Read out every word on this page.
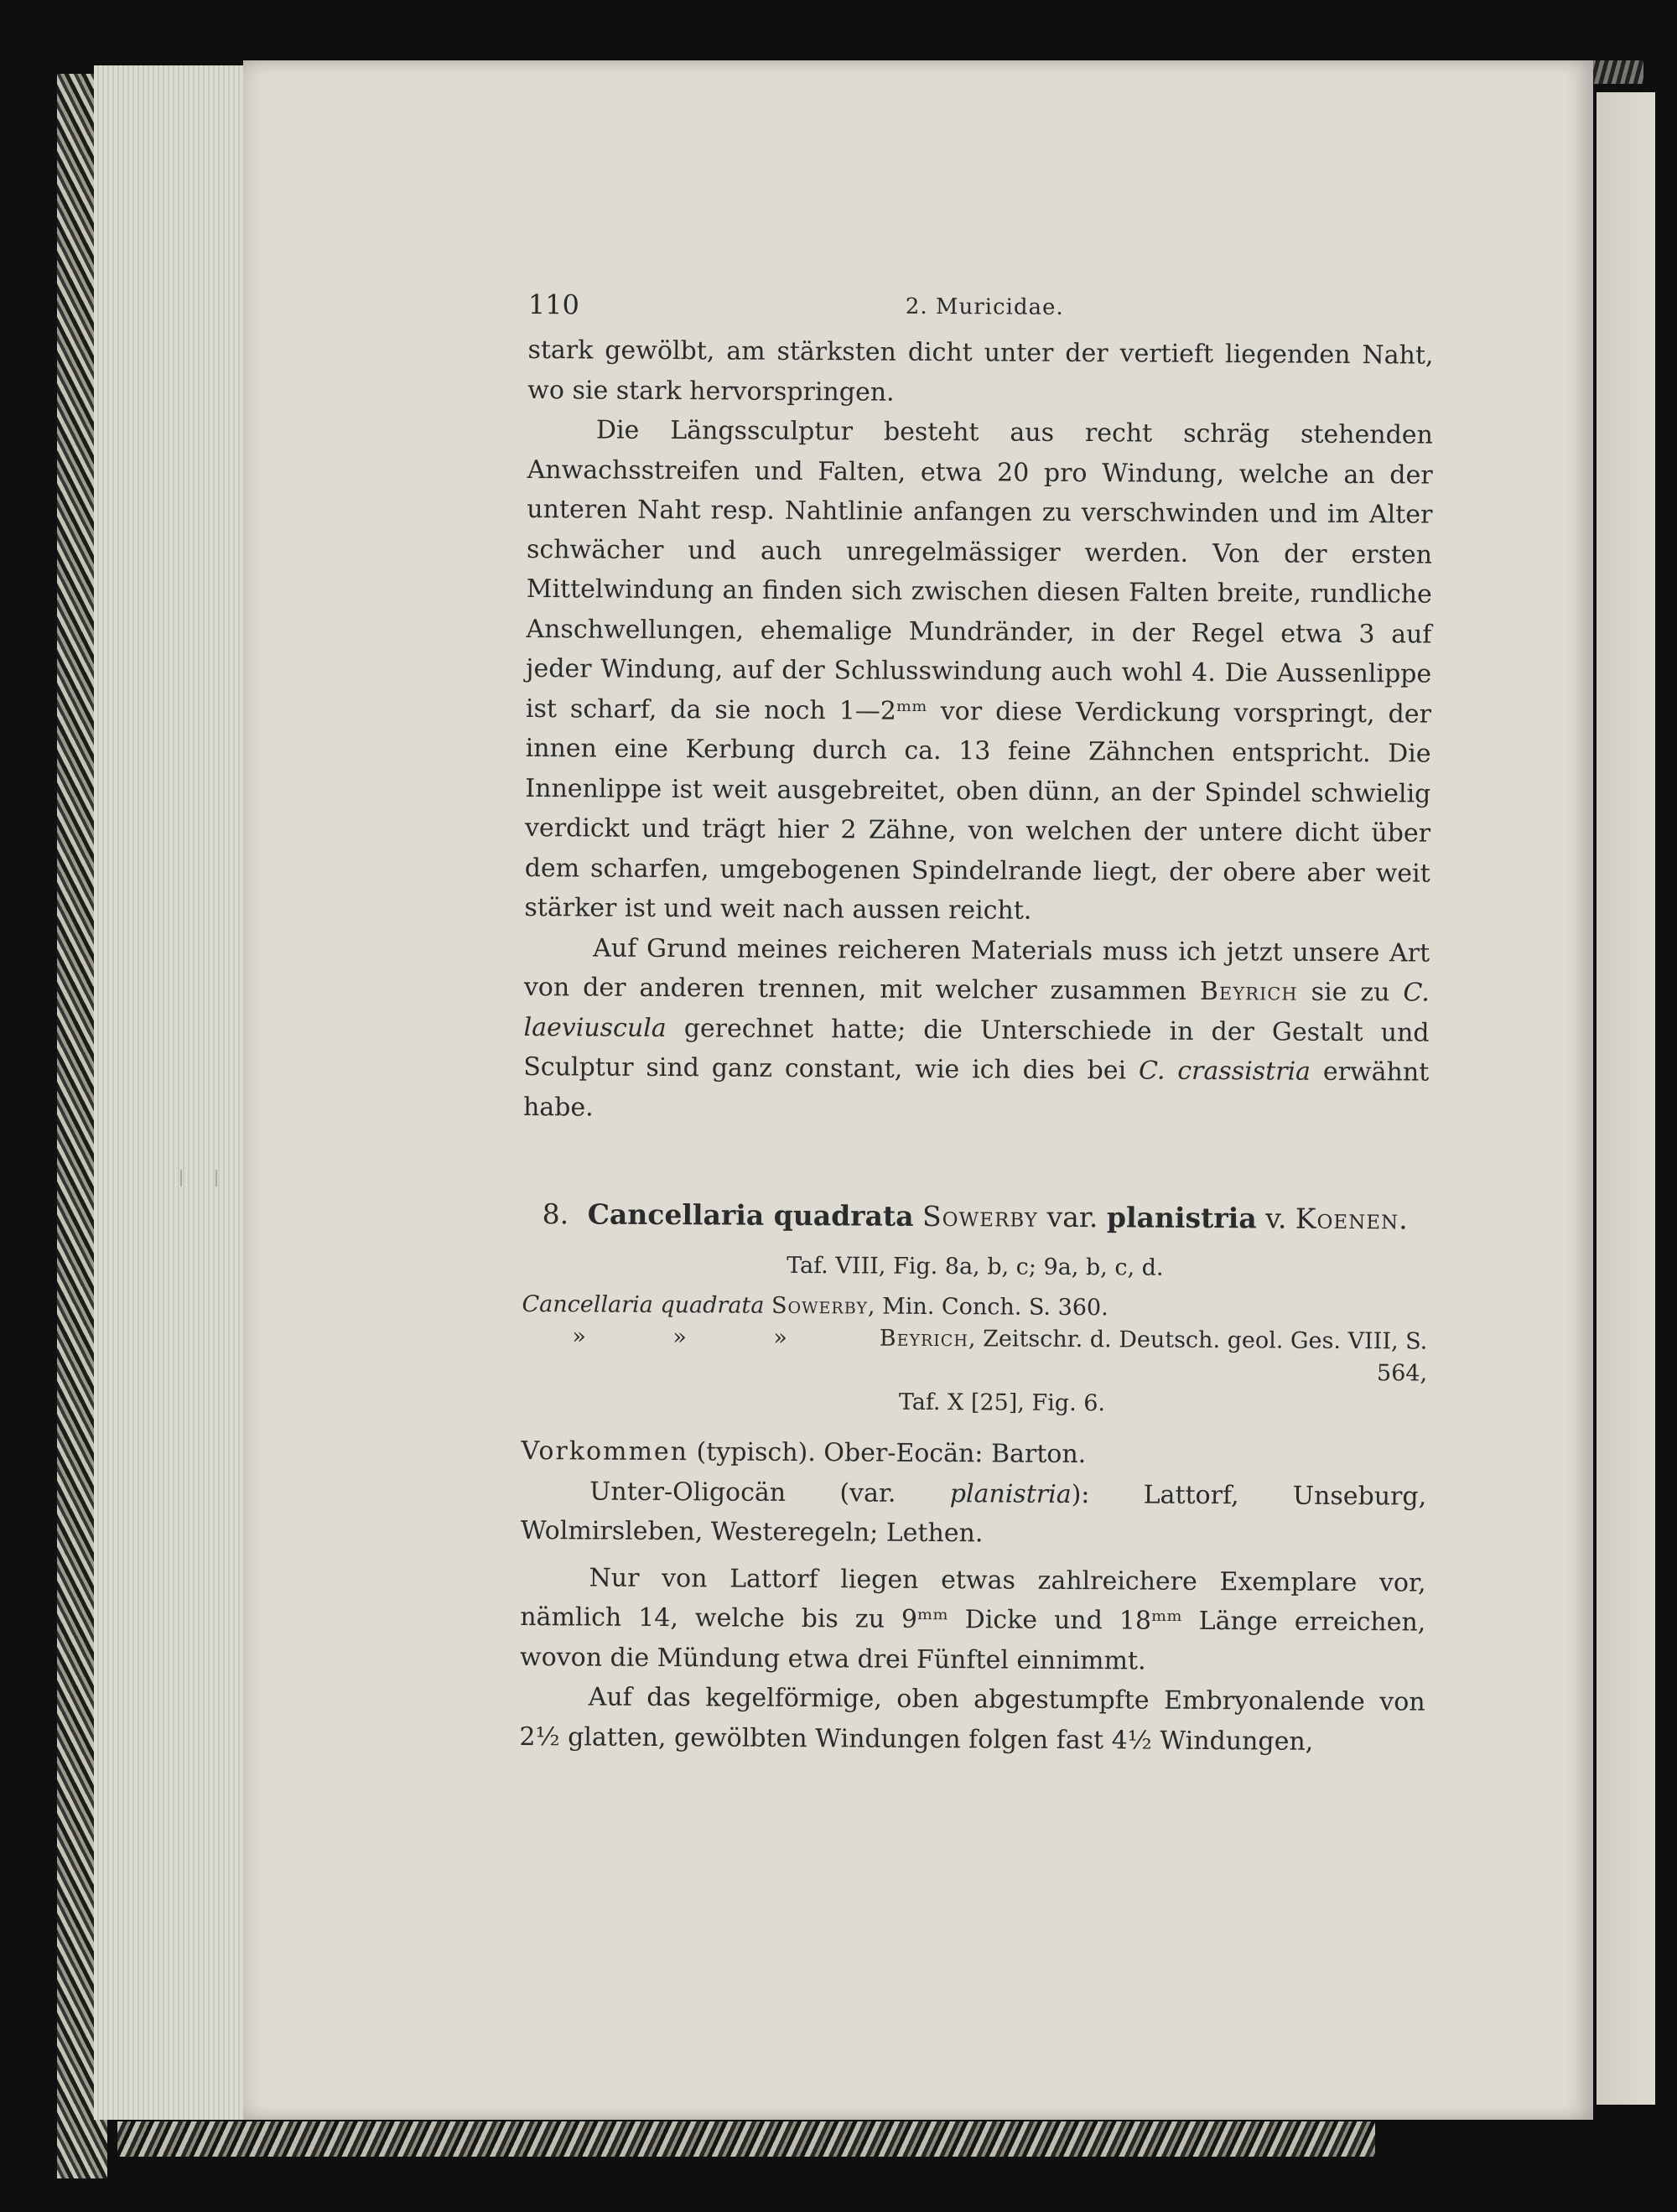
110	2. Muricidae.

stark gewölbt, am stärksten dicht unter der vertieft liegenden Naht, wo sie stark hervorspringen.

Die Längssculptur besteht aus recht schräg stehenden Anwachsstreifen und Falten, etwa 20 pro Windung, welche an der unteren Naht resp. Nahtlinie anfangen zu verschwinden und im Alter schwächer und auch unregelmässiger werden. Von der ersten Mittelwindung an finden sich zwischen diesen Falten breite, rundliche Anschwellungen, ehemalige Mundränder, in der Regel etwa 3 auf jeder Windung, auf der Schlusswindung auch wohl 4. Die Aussenlippe ist scharf, da sie noch 1—2ᵐᵐ vor diese Verdickung vorspringt, der innen eine Kerbung durch ca. 13 feine Zähnchen entspricht. Die Innenlippe ist weit ausgebreitet, oben dünn, an der Spindel schwielig verdickt und trägt hier 2 Zähne, von welchen der untere dicht über dem scharfen, umgebogenen Spindelrande liegt, der obere aber weit stärker ist und weit nach aussen reicht.

Auf Grund meines reicheren Materials muss ich jetzt unsere Art von der anderen trennen, mit welcher zusammen Beyrich sie zu C. laeviuscula gerechnet hatte; die Unterschiede in der Gestalt und Sculptur sind ganz constant, wie ich dies bei C. crassistria erwähnt habe.

8. Cancellaria quadrata Sowerby var. planistria v. Koenen.

Taf. VIII, Fig. 8a, b, c; 9a, b, c, d.

Cancellaria quadrata Sowerby, Min. Conch. S. 360.
»	»	»	Beyrich, Zeitschr. d. Deutsch. geol. Ges. VIII, S. 564,
Taf. X [25], Fig. 6.

Vorkommen (typisch). Ober-Eocän: Barton.

Unter-Oligocän (var. planistria): Lattorf, Unseburg, Wolmirsleben, Westeregeln; Lethen.

Nur von Lattorf liegen etwas zahlreichere Exemplare vor, nämlich 14, welche bis zu 9ᵐᵐ Dicke und 18ᵐᵐ Länge erreichen, wovon die Mündung etwa drei Fünftel einnimmt.

Auf das kegelförmige, oben abgestumpfte Embryonalende von 2½ glatten, gewölbten Windungen folgen fast 4½ Windungen,
